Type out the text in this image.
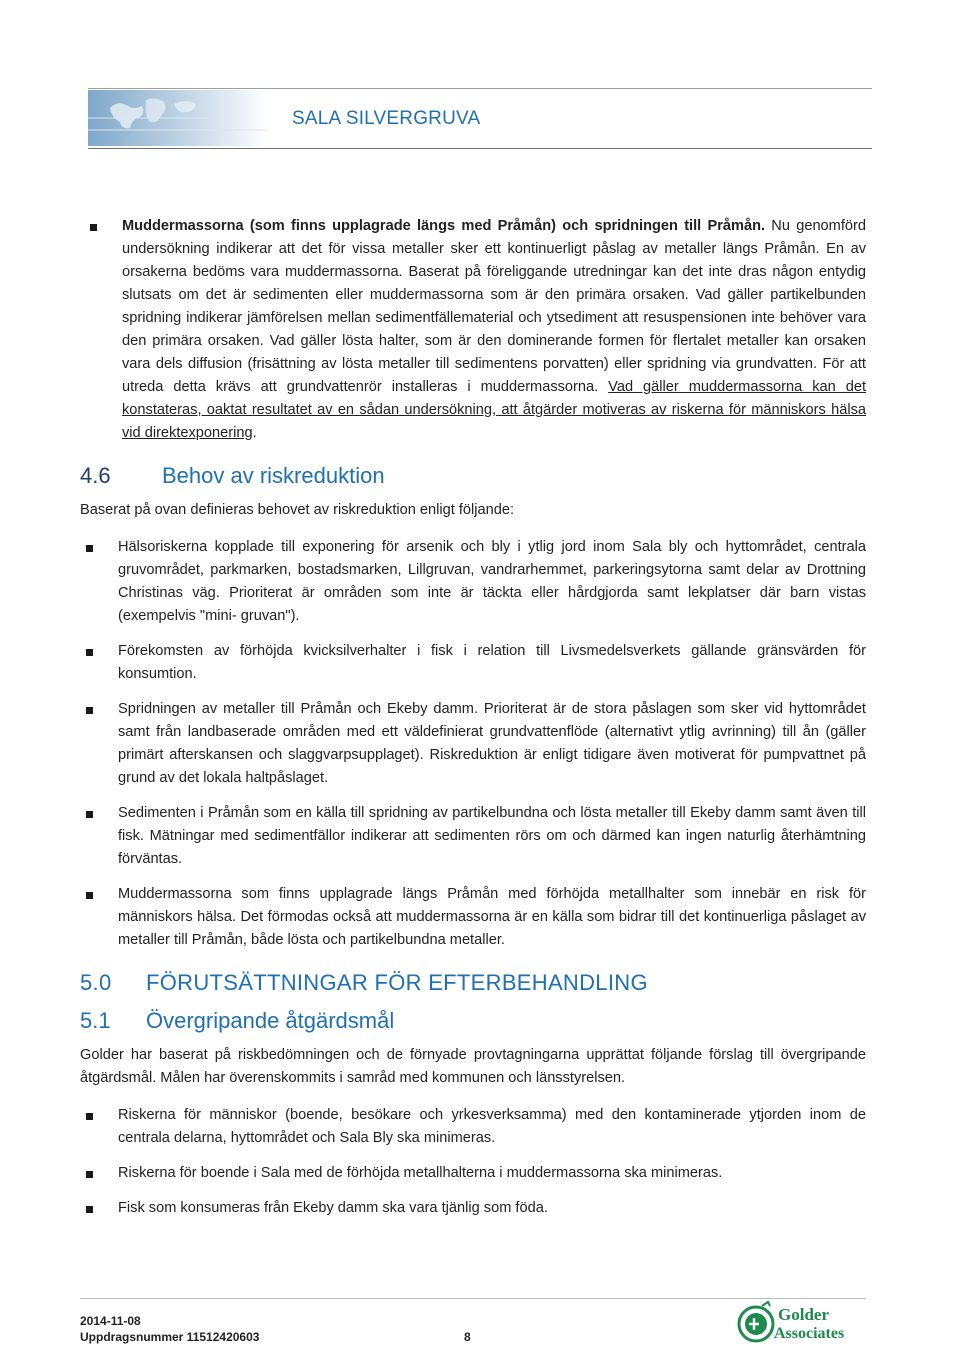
SALA SILVERGRUVA
Muddermassorna (som finns upplagrade längs med Pråmån) och spridningen till Pråmån. Nu genomförd undersökning indikerar att det för vissa metaller sker ett kontinuerligt påslag av metaller längs Pråmån. En av orsakerna bedöms vara muddermassorna. Baserat på föreliggande utredningar kan det inte dras någon entydig slutsats om det är sedimenten eller muddermassorna som är den primära orsaken. Vad gäller partikelbunden spridning indikerar jämförelsen mellan sedimentfällematerial och ytsediment att resuspensionen inte behöver vara den primära orsaken. Vad gäller lösta halter, som är den dominerande formen för flertalet metaller kan orsaken vara dels diffusion (frisättning av lösta metaller till sedimentens porvatten) eller spridning via grundvatten. För att utreda detta krävs att grundvattenrör installeras i muddermassorna. Vad gäller muddermassorna kan det konstateras, oaktat resultatet av en sådan undersökning, att åtgärder motiveras av riskerna för människors hälsa vid direktexponering.
4.6 Behov av riskreduktion

Baserat på ovan definieras behovet av riskreduktion enligt följande:

Hälsoriskerna kopplade till exponering för arsenik och bly i ytlig jord inom Sala bly och hyttområdet, centrala gruvområdet, parkmarken, bostadsmarken, Lillgruvan, vandrarhemmet, parkeringsytorna samt delar av Drottning Christinas väg. Prioriterat är områden som inte är täckta eller hårdgjorda samt lekplatser där barn vistas (exempelvis "mini- gruvan").
Förekomsten av förhöjda kvicksilverhalter i fisk i relation till Livsmedelsverkets gällande gränsvärden för konsumtion.
Spridningen av metaller till Pråmån och Ekeby damm. Prioriterat är de stora påslagen som sker vid hyttområdet samt från landbaserade områden med ett väldefinierat grundvattenflöde (alternativt ytlig avrinning) till ån (gäller primärt afterskansen och slaggvarpsupplaget). Riskreduktion är enligt tidigare även motiverat för pumpvattnet på grund av det lokala haltpåslaget.
Sedimenten i Pråmån som en källa till spridning av partikelbundna och lösta metaller till Ekeby damm samt även till fisk. Mätningar med sedimentfällor indikerar att sedimenten rörs om och därmed kan ingen naturlig återhämtning förväntas.
Muddermassorna som finns upplagrade längs Pråmån med förhöjda metallhalter som innebär en risk för människors hälsa. Det förmodas också att muddermassorna är en källa som bidrar till det kontinuerliga påslaget av metaller till Pråmån, både lösta och partikelbundna metaller.
5.0 FÖRUTSÄTTNINGAR FÖR EFTERBEHANDLING
5.1 Övergripande åtgärdsmål

Golder har baserat på riskbedömningen och de förnyade provtagningarna upprättat följande förslag till övergripande åtgärdsmål. Målen har överenskommits i samråd med kommunen och länsstyrelsen.

Riskerna för människor (boende, besökare och yrkesverksamma) med den kontaminerade ytjorden inom de centrala delarna, hyttområdet och Sala Bly ska minimeras.
Riskerna för boende i Sala med de förhöjda metallhalterna i muddermassorna ska minimeras.
Fisk som konsumeras från Ekeby damm ska vara tjänlig som föda.
2014-11-08
Uppdragsnummer 11512420603	8
Golder
Associates
